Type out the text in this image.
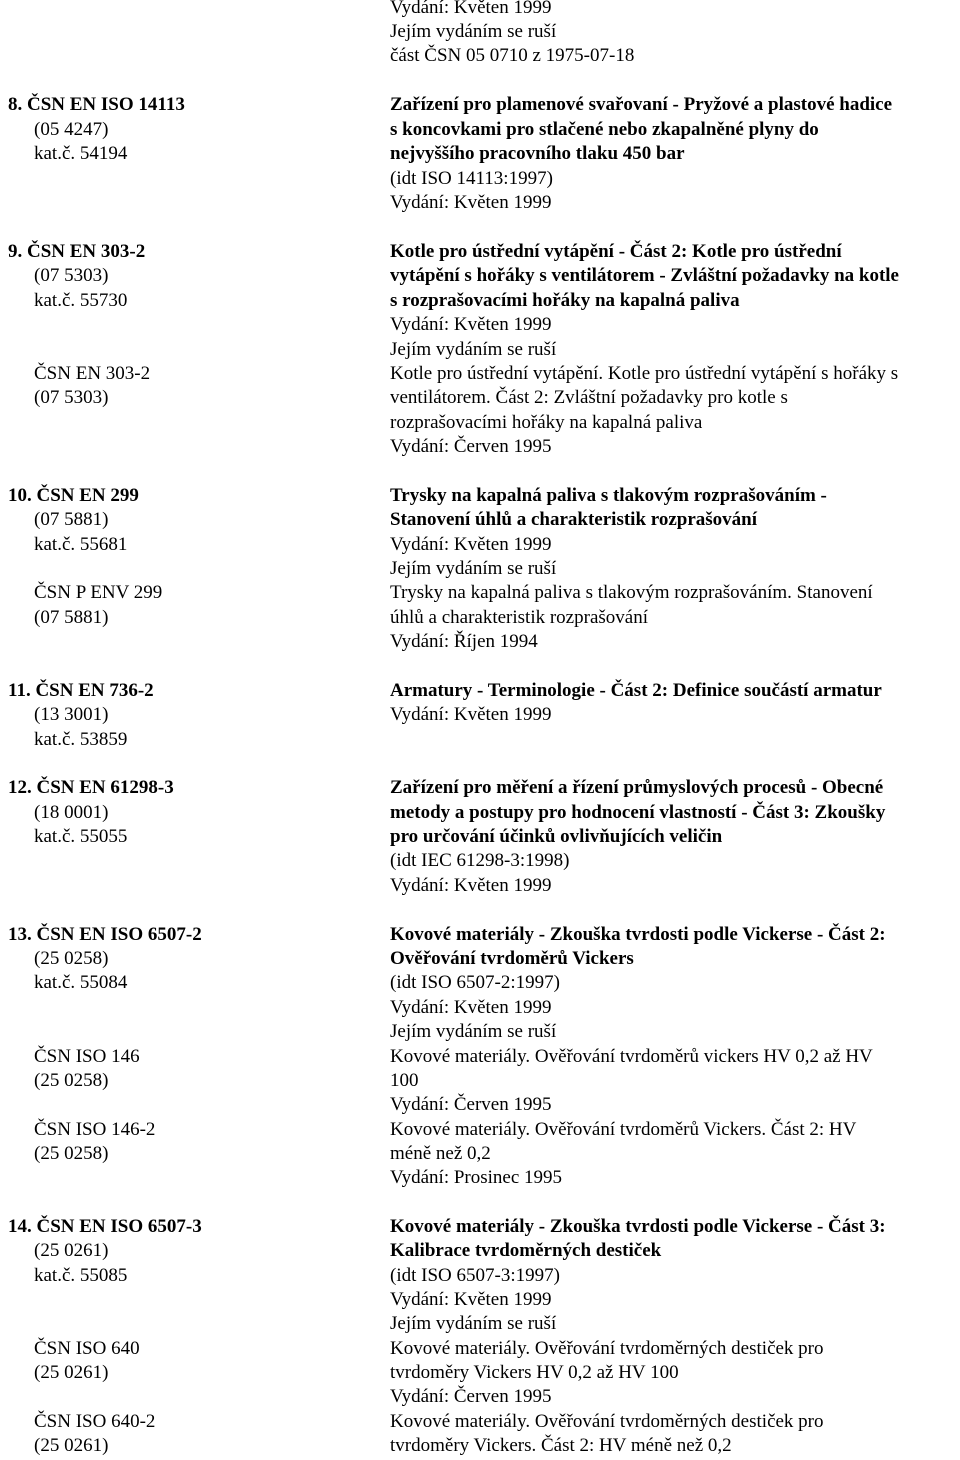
Vydání: Květen 1999
Jejím vydáním se ruší
část ČSN 05 0710 z 1975-07-18
8. ČSN EN ISO 14113
(05 4247)
kat.č. 54194
Zařízení pro plamenové svařovaní - Pryžové a plastové hadice
s koncovkami pro stlačené nebo zkapalněné plyny do
nejvyššího pracovního tlaku 450 bar
(idt ISO 14113:1997)
Vydání: Květen 1999
9. ČSN EN 303-2
(07 5303)
kat.č. 55730
Kotle pro ústřední vytápění - Část 2: Kotle pro ústřední
vytápění s hořáky s ventilátorem - Zvláštní požadavky na kotle
s rozprašovacími hořáky na kapalná paliva
Vydání: Květen 1999
Jejím vydáním se ruší
ČSN EN 303-2
(07 5303)
Kotle pro ústřední vytápění. Kotle pro ústřední vytápění s hořáky s
ventilátorem. Část 2: Zvláštní požadavky pro kotle s
rozprašovacími hořáky na kapalná paliva
Vydání: Červen 1995
10. ČSN EN 299
(07 5881)
kat.č. 55681
Trysky na kapalná paliva s tlakovým rozprašováním -
Stanovení úhlů a charakteristik rozprašování
Vydání: Květen 1999
Jejím vydáním se ruší
ČSN P ENV 299
(07 5881)
Trysky na kapalná paliva s tlakovým rozprašováním. Stanovení
úhlů a charakteristik rozprašování
Vydání: Říjen 1994
11. ČSN EN 736-2
(13 3001)
kat.č. 53859
Armatury - Terminologie - Část 2: Definice součástí armatur
Vydání: Květen 1999
12. ČSN EN 61298-3
(18 0001)
kat.č. 55055
Zařízení pro měření a řízení průmyslových procesů - Obecné
metody a postupy pro hodnocení vlastností - Část 3: Zkoušky
pro určování účinků ovlivňujících veličin
(idt IEC 61298-3:1998)
Vydání: Květen 1999
13. ČSN EN ISO 6507-2
(25 0258)
kat.č. 55084
Kovové materiály - Zkouška tvrdosti podle Vickerse - Část 2:
Ověřování tvrdoměrů Vickers
(idt ISO 6507-2:1997)
Vydání: Květen 1999
Jejím vydáním se ruší
ČSN ISO 146
(25 0258)
Kovové materiály. Ověřování tvrdoměrů vickers HV 0,2 až HV
100
Vydání: Červen 1995
ČSN ISO 146-2
(25 0258)
Kovové materiály. Ověřování tvrdoměrů Vickers. Část 2: HV
méně než 0,2
Vydání: Prosinec 1995
14. ČSN EN ISO 6507-3
(25 0261)
kat.č. 55085
Kovové materiály - Zkouška tvrdosti podle Vickerse - Část 3:
Kalibrace tvrdoměrných destiček
(idt ISO 6507-3:1997)
Vydání: Květen 1999
Jejím vydáním se ruší
ČSN ISO 640
(25 0261)
Kovové materiály. Ověřování tvrdoměrných destiček pro
tvrdoměry Vickers HV 0,2 až HV 100
Vydání: Červen 1995
ČSN ISO 640-2
(25 0261)
Kovové materiály. Ověřování tvrdoměrných destiček pro
tvrdoměry Vickers. Část 2: HV méně než 0,2
